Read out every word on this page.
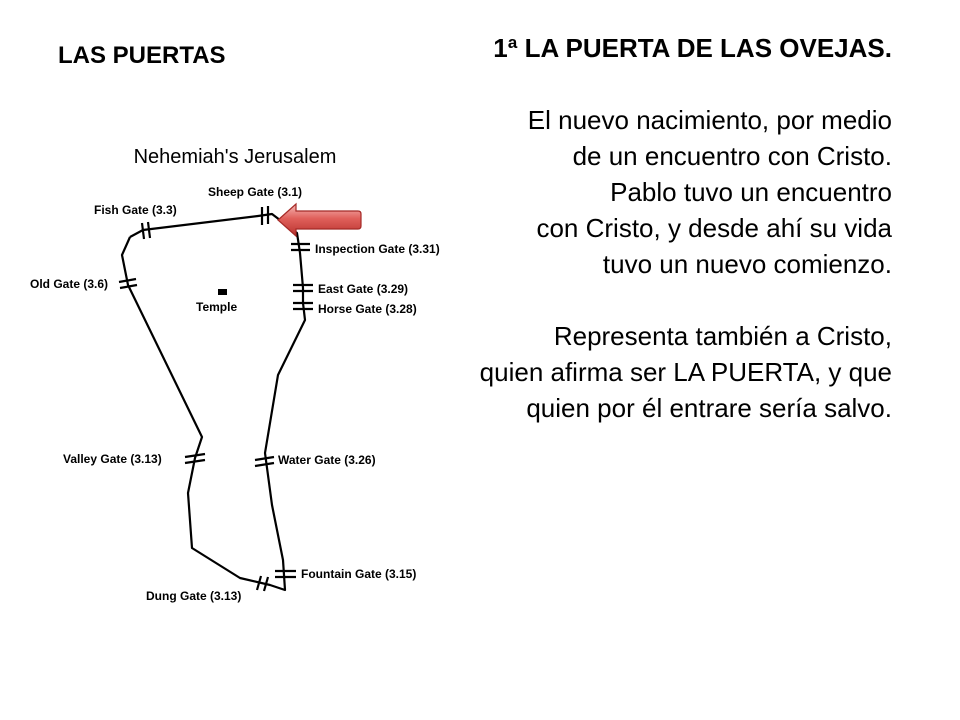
LAS PUERTAS	1ª LA PUERTA DE LAS OVEJAS.

El nuevo nacimiento, por medio
de un encuentro con Cristo.
Pablo tuvo un encuentro
con Cristo, y desde ahí su vida
tuvo un nuevo comienzo.

Representa también a Cristo,
quien afirma ser LA PUERTA, y que
quien por él entrare sería salvo.

Nehemiah's Jerusalem
Temple
Sheep Gate (3.1)
Fish Gate (3.3)
Inspection Gate (3.31)
Old Gate (3.6)	East Gate (3.29)
Horse Gate (3.28)
Valley Gate (3.13)	Water Gate (3.26)
Fountain Gate (3.15)
Dung Gate (3.13)
